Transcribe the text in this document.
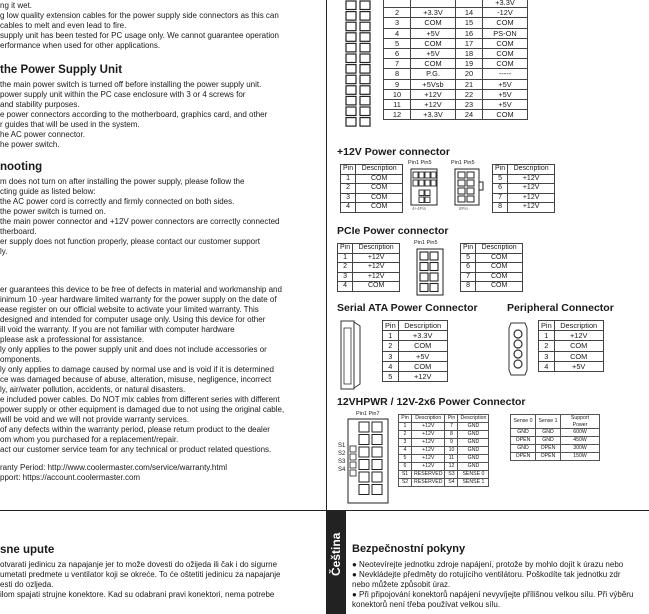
ng it wet.
g low quality extension cables for the power supply side connectors as this can
cables to melt and even lead to fire.
supply unit has been tested for PC usage only. We cannot guarantee operation
erformance when used for other applications.
the Power Supply Unit
the main power switch is turned off before installing the power supply unit.
power supply unit within the PC case enclosure with 3 or 4 screws for
and stability purposes.
e power connectors according to the motherboard, graphics card, and other
r guides that will be used in the system.
he AC power connector.
he power switch.
nooting
m does not turn on after installing the power supply, please follow the
cting guide as listed below:
the AC power cord is correctly and firmly connected on both sides.
the power switch is turned on.
the main power connector and +12V power connectors are correctly connected
therboard.
er supply does not function properly, please contact our customer support
ly.
er guarantees this device to be free of defects in material and workmanship and
inimum 10 -year hardware limited warranty for the power supply on the date of
ease register on our official website to activate your limited warranty. This
designed and intended for computer usage only. Using this device for other
ill void the warranty. If you are not familiar with computer hardware
please ask a professional for assistance.
ly only applies to the power supply unit and does not include accessories or
omponents.
ly only applies to damage caused by normal use and is void if it is determined
ce was damaged because of abuse, alteration, misuse, negligence, incorrect
ly, air/water pollution, accidents, or natural disasters.
e included power cables. Do NOT mix cables from different series with different
power supply or other equipment is damaged due to not using the original cable,
will be void and we will not provide warranty services.
of any defects within the warranty period, please return product to the dealer
om whom you purchased for a replacement/repair.
act our customer service team for any technical or product related questions.
ranty Period: http://www.coolermaster.com/service/warranty.html
pport: https://account.coolermaster.com
sne upute
otvarati jedinicu za napajanje jer to može dovesti do ožijeda ili čak i do sigurne
umetati predmete u ventilator koji se okreće. To će oštetiti jedinicu za napajanje
esti do ozljeda.
ilom spajati strujne konektore. Kad su odabrani pravi konektori, nema potrebe
			+3.3V
2	+3.3V	14	-12V
3	COM	15	COM
4	+5V	16	PS-ON
5	COM	17	COM
6	+5V	18	COM
7	COM	19	COM
8	P.G.	20	-----
9	+5Vsb	21	+5V
10	+12V	22	+5V
11	+12V	23	+5V
12	+3.3V	24	COM
+12V Power connector
Pin	Description
1	COM
2	COM
3	COM
4	COM
Pin1 Pin5	Pin1 Pin5
4+4Pin	8Pin
Pin	Description
5	+12V
6	+12V
7	+12V
8	+12V
PCIe Power connector
Pin	Description
1	+12V
2	+12V
3	+12V
4	COM
Pin1 Pin5
Pin	Description
5	COM
6	COM
7	COM
8	COM
Serial ATA Power Connector
Pin	Description
1	+3.3V
2	COM
3	+5V
4	COM
5	+12V
Peripheral Connector
Pin	Description
1	+12V
2	COM
3	COM
4	+5V
12VHPWR / 12V-2x6 Power Connector
Pin1 Pin7
S1
S2
S3
S4
Pin	Description	Pin	Description
1	+12V	7	GND
2	+12V	8	GND
3	+12V	9	GND
4	+12V	10	GND
5	+12V	11	GND
6	+12V	12	GND
S1	RESERVED	S3	SENSE 0
S2	RESERVED	S4	SENSE 1
Sense 0	Sense 1	Support Power
GND	GND	600W
OPEN	GND	450W
GND	OPEN	300W
OPEN	OPEN	150W
Čeština Bezpečnostní pokyny
● Neotevírejte jednotku zdroje napájení, protože by mohlo dojít k úrazu nebo
● Nevkládejte předměty do rotujícího ventilátoru. Poškodíte tak jednotku zdr
nebo můžete způsobit úraz.
● Při připojování konektorů napájení nevyvíjejte přílišnou velkou sílu. Při výběru
konektorů není třeba používat velkou sílu.
